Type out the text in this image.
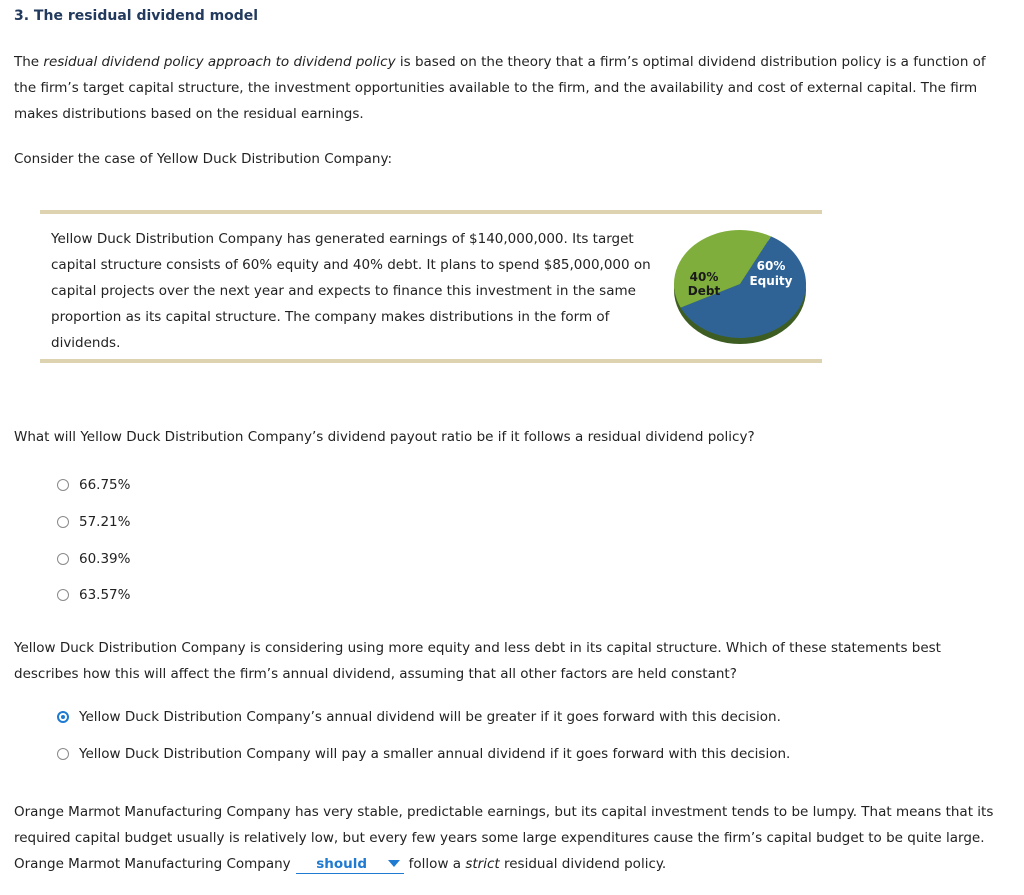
3. The residual dividend model
The residual dividend policy approach to dividend policy is based on the theory that a firm’s optimal dividend distribution policy is a function of the firm’s target capital structure, the investment opportunities available to the firm, and the availability and cost of external capital. The firm makes distributions based on the residual earnings.
Consider the case of Yellow Duck Distribution Company:
Yellow Duck Distribution Company has generated earnings of $140,000,000. Its target capital structure consists of 60% equity and 40% debt. It plans to spend $85,000,000 on capital projects over the next year and expects to finance this investment in the same proportion as its capital structure. The company makes distributions in the form of dividends.
40%
Debt
60%
Equity
What will Yellow Duck Distribution Company’s dividend payout ratio be if it follows a residual dividend policy?
66.75%
57.21%
60.39%
63.57%
Yellow Duck Distribution Company is considering using more equity and less debt in its capital structure. Which of these statements best describes how this will affect the firm’s annual dividend, assuming that all other factors are held constant?
Yellow Duck Distribution Company’s annual dividend will be greater if it goes forward with this decision.
Yellow Duck Distribution Company will pay a smaller annual dividend if it goes forward with this decision.
Orange Marmot Manufacturing Company has very stable, predictable earnings, but its capital investment tends to be lumpy. That means that its required capital budget usually is relatively low, but every few years some large expenditures cause the firm’s capital budget to be quite large. Orange Marmot Manufacturing Company should	follow a strict residual dividend policy.
